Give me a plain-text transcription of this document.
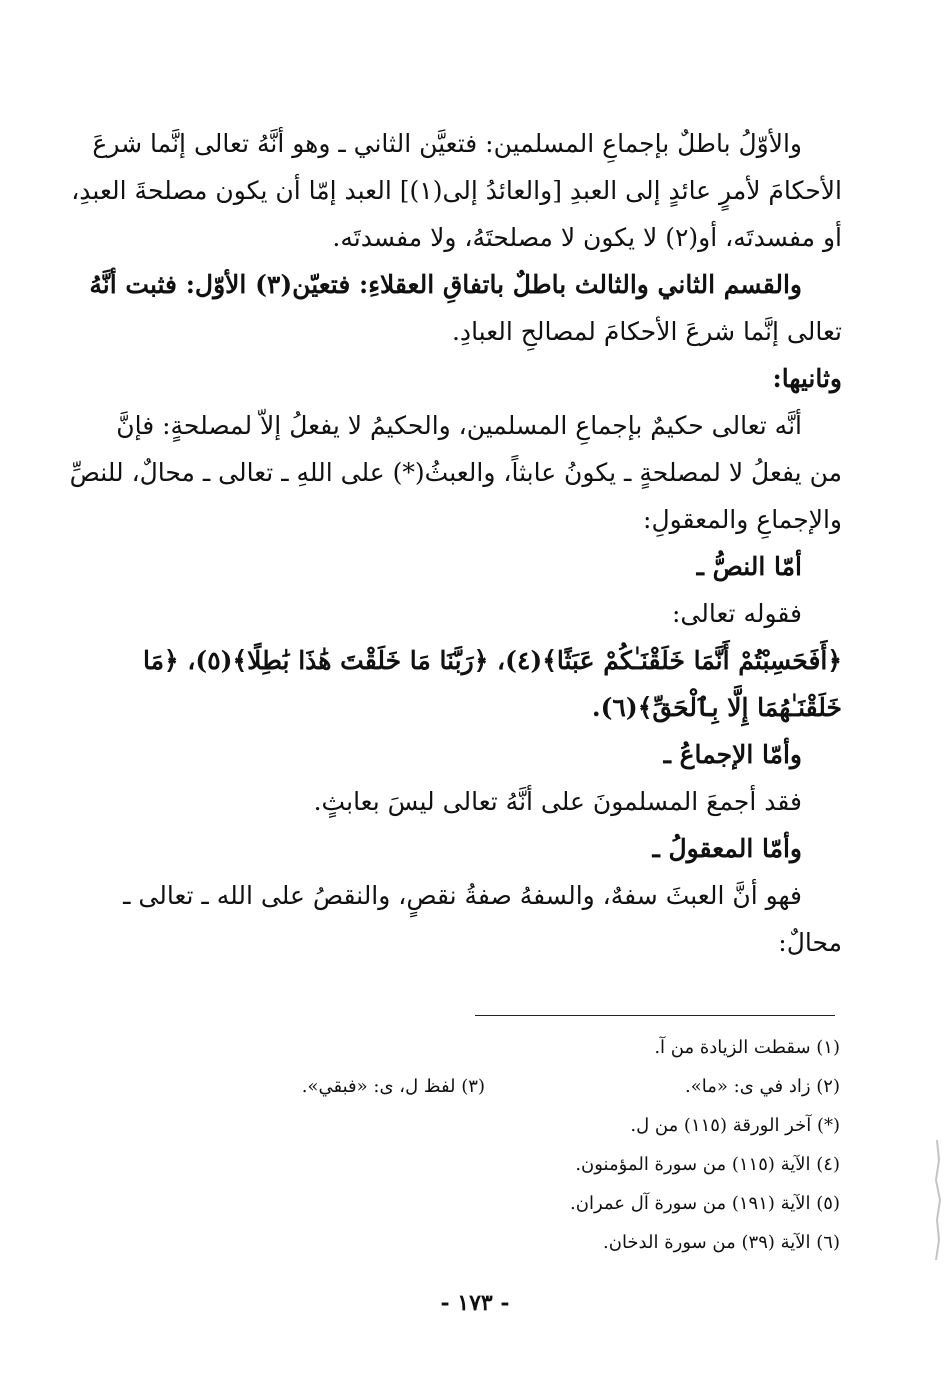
والأوّلُ باطلٌ بإجماعِ المسلمين: فتعيَّن الثاني ـ وهو أنَّهُ تعالى إنَّما شرعَ
الأحكامَ لأمرٍ عائدٍ إلى العبدِ [والعائدُ إلى(١)] العبد إمّا أن يكون مصلحةَ العبدِ،
أو مفسدتَه، أو(٢) لا يكون لا مصلحتَهُ، ولا مفسدتَه.
والقسم الثاني والثالث باطلٌ باتفاقِ العقلاءِ: فتعيّن(٣) الأوّل: فثبت أنَّهُ
تعالى إنَّما شرعَ الأحكامَ لمصالحِ العبادِ.
وثانيها:
أنَّه تعالى حكيمٌ بإجماعِ المسلمين، والحكيمُ لا يفعلُ إلاّ لمصلحةٍ: فإنَّ
من يفعلُ لا لمصلحةٍ ـ يكونُ عابثاً، والعبثُ(*) على اللهِ ـ تعالى ـ محالٌ، للنصِّ
والإجماعِ والمعقولِ:
أمّا النصُّ ـ
فقوله تعالى:
﴿أَفَحَسِبْتُمْ أَنَّمَا خَلَقْنَـٰكُمْ عَبَثًا﴾(٤)، ﴿رَبَّنَا مَا خَلَقْتَ هَٰذَا بَٰطِلًا﴾(٥)، ﴿مَا
خَلَقْنَـٰهُمَا إِلَّا بِٱلْحَقِّ﴾(٦).
وأمّا الإجماعُ ـ
فقد أجمعَ المسلمونَ على أنَّهُ تعالى ليسَ بعابثٍ.
وأمّا المعقولُ ـ
فهو أنَّ العبثَ سفهٌ، والسفهُ صفةُ نقصٍ، والنقصُ على الله ـ تعالى ـ
محالٌ:
(١) سقطت الزيادة من آ.
(٢) زاد في ى: «ما».
(٣) لفظ ل، ى: «فبقي».
(*) آخر الورقة (١١٥) من ل.
(٤) الآية (١١٥) من سورة المؤمنون.
(٥) الآية (١٩١) من سورة آل عمران.
(٦) الآية (٣٩) من سورة الدخان.
- ١٧٣ -
